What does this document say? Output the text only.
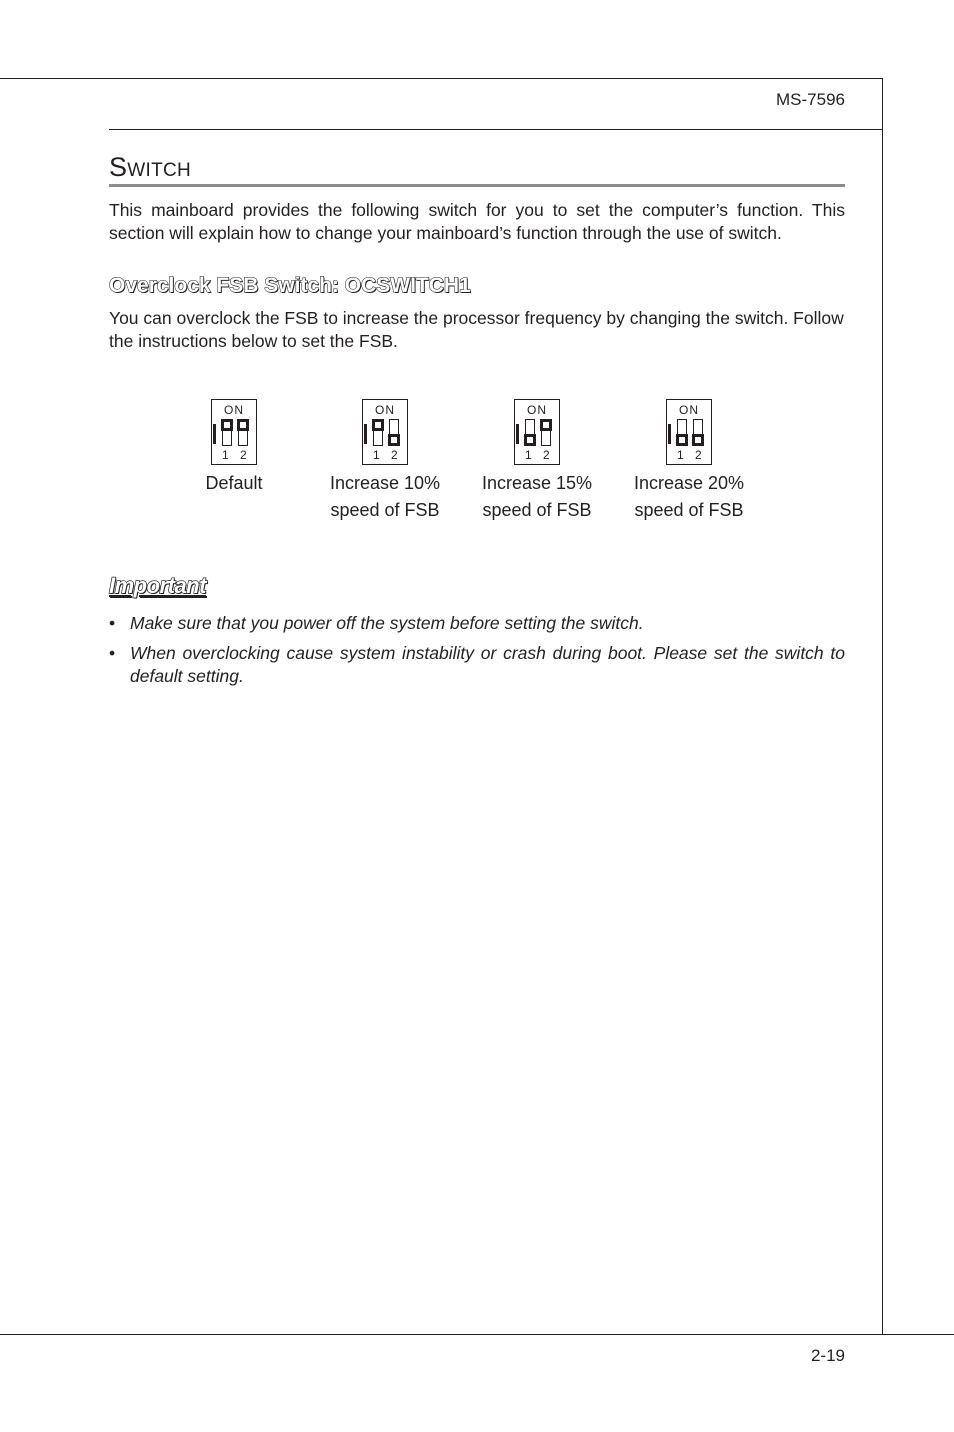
MS-7596
Switch

This mainboard provides the following switch for you to set the computer’s function. This section will explain how to change your mainboard’s function through the use of switch.

Overclock FSB Switch: OCSWITCH1

You can overclock the FSB to increase the processor frequency by changing the switch. Follow the instructions below to set the FSB.

ON
1 2
Default
ON
1 2
Increase 10%
speed of FSB
ON
1 2
Increase 15%
speed of FSB
ON
1 2
Increase 20%
speed of FSB
Important
• Make sure that you power off the system before setting the switch.
• When overclocking cause system instability or crash during boot. Please set the switch to default setting.
2-19
